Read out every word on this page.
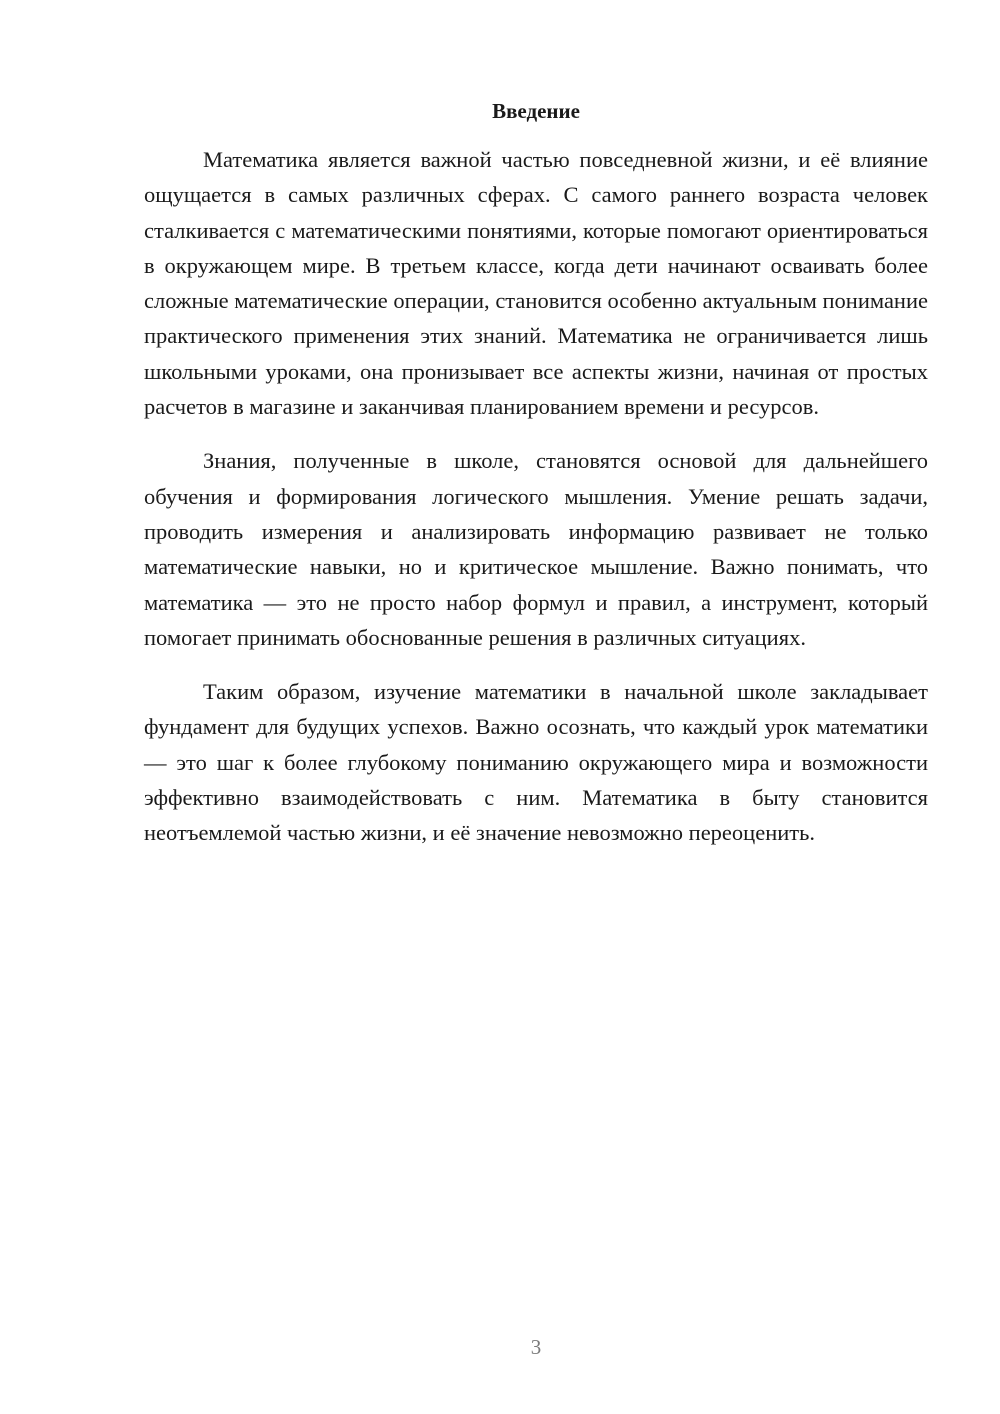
Введение

Математика является важной частью повседневной жизни, и её влияние ощущается в самых различных сферах. С самого раннего возраста человек сталкивается с математическими понятиями, которые помогают ориентироваться в окружающем мире. В третьем классе, когда дети начинают осваивать более сложные математические операции, становится особенно актуальным понимание практического применения этих знаний. Математика не ограничивается лишь школьными уроками, она пронизывает все аспекты жизни, начиная от простых расчетов в магазине и заканчивая планированием времени и ресурсов.

Знания, полученные в школе, становятся основой для дальнейшего обучения и формирования логического мышления. Умение решать задачи, проводить измерения и анализировать информацию развивает не только математические навыки, но и критическое мышление. Важно понимать, что математика — это не просто набор формул и правил, а инструмент, который помогает принимать обоснованные решения в различных ситуациях.

Таким образом, изучение математики в начальной школе закладывает фундамент для будущих успехов. Важно осознать, что каждый урок математики — это шаг к более глубокому пониманию окружающего мира и возможности эффективно взаимодействовать с ним. Математика в быту становится неотъемлемой частью жизни, и её значение невозможно переоценить.

3
